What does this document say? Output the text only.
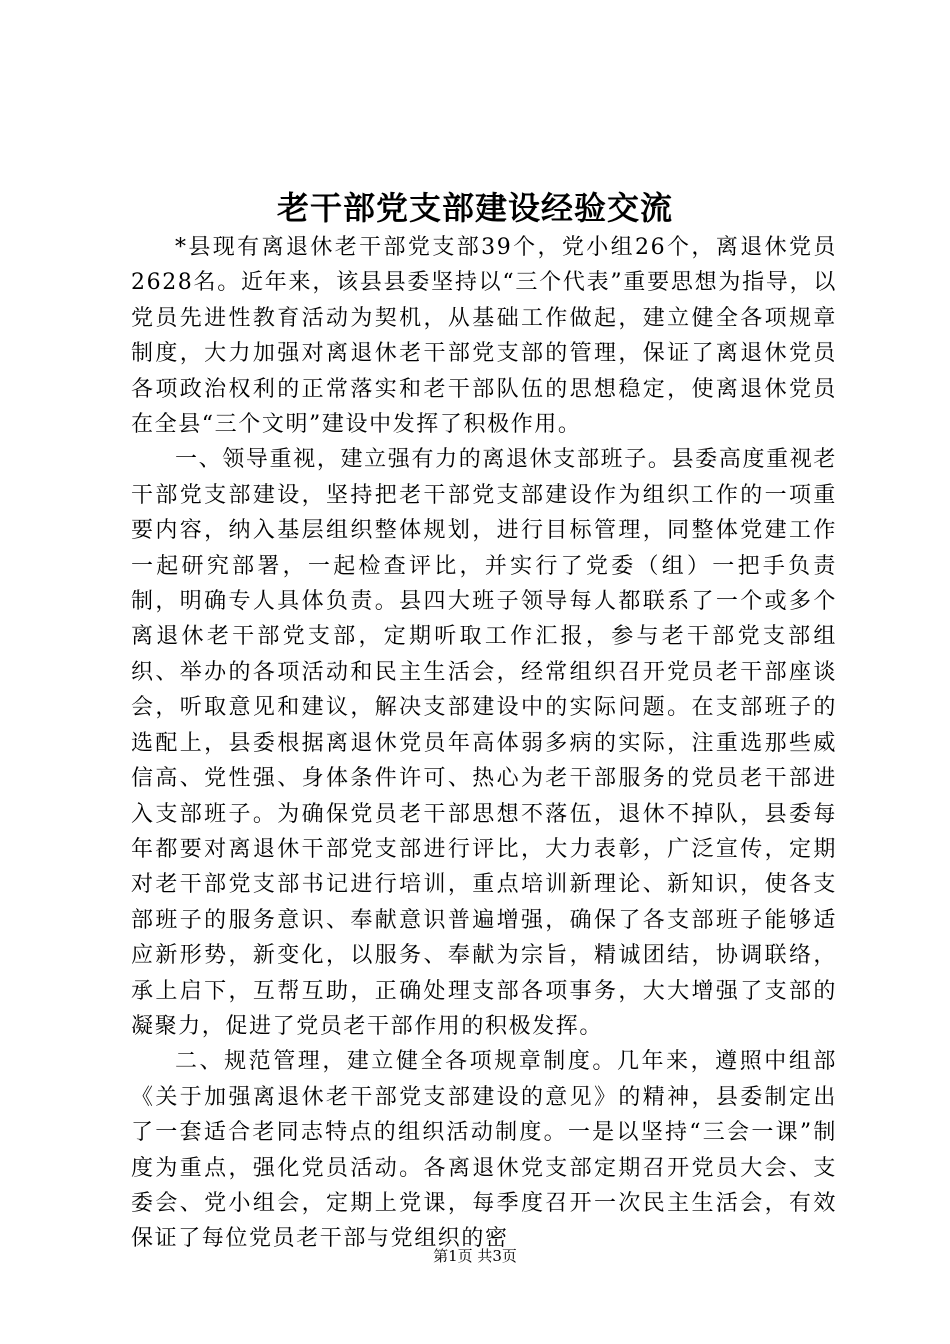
老干部党支部建设经验交流

*县现有离退休老干部党支部39个，党小组26个，离退休党员2628名。近年来，该县县委坚持以“三个代表”重要思想为指导，以党员先进性教育活动为契机，从基础工作做起，建立健全各项规章制度，大力加强对离退休老干部党支部的管理，保证了离退休党员各项政治权利的正常落实和老干部队伍的思想稳定，使离退休党员在全县“三个文明”建设中发挥了积极作用。

一、领导重视，建立强有力的离退休支部班子。县委高度重视老干部党支部建设，坚持把老干部党支部建设作为组织工作的一项重要内容，纳入基层组织整体规划，进行目标管理，同整体党建工作一起研究部署，一起检查评比，并实行了党委（组）一把手负责制，明确专人具体负责。县四大班子领导每人都联系了一个或多个离退休老干部党支部，定期听取工作汇报，参与老干部党支部组织、举办的各项活动和民主生活会，经常组织召开党员老干部座谈会，听取意见和建议，解决支部建设中的实际问题。在支部班子的选配上，县委根据离退休党员年高体弱多病的实际，注重选那些威信高、党性强、身体条件许可、热心为老干部服务的党员老干部进入支部班子。为确保党员老干部思想不落伍，退休不掉队，县委每年都要对离退休干部党支部进行评比，大力表彰，广泛宣传，定期对老干部党支部书记进行培训，重点培训新理论、新知识，使各支部班子的服务意识、奉献意识普遍增强，确保了各支部班子能够适应新形势，新变化，以服务、奉献为宗旨，精诚团结，协调联络，承上启下，互帮互助，正确处理支部各项事务，大大增强了支部的凝聚力，促进了党员老干部作用的积极发挥。

二、规范管理，建立健全各项规章制度。几年来，遵照中组部《关于加强离退休老干部党支部建设的意见》的精神，县委制定出了一套适合老同志特点的组织活动制度。一是以坚持“三会一课”制度为重点，强化党员活动。各离退休党支部定期召开党员大会、支委会、党小组会，定期上党课，每季度召开一次民主生活会，有效保证了每位党员老干部与党组织的密

第1页 共3页
